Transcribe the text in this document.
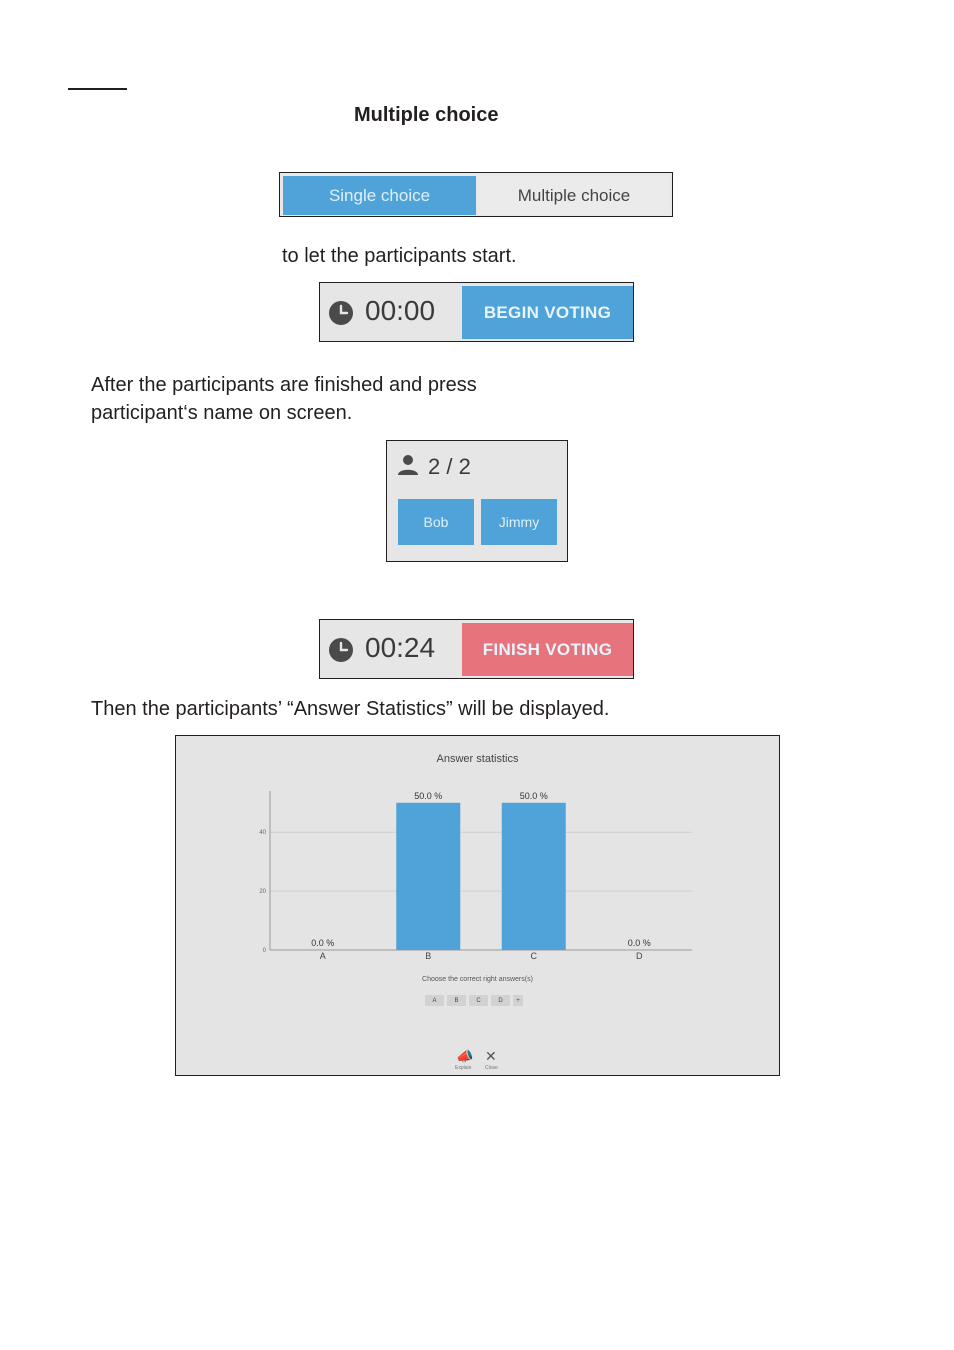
Multiple choice
Single choice	Multiple choice
to let the participants start.
00:00	BEGIN VOTING
After the participants are finished and press
participant‘s name on screen.
2 / 2
Bob	Jimmy
00:24	FINISH VOTING
Then the participants’ “Answer Statistics” will be displayed.
Answer statistics
0
20
40
0.0 %
A
50.0 %
B
50.0 %
C
0.0 %
D
Choose the correct right answers(s)
A	B	C	D	+
📣
Explain
✕
Close
